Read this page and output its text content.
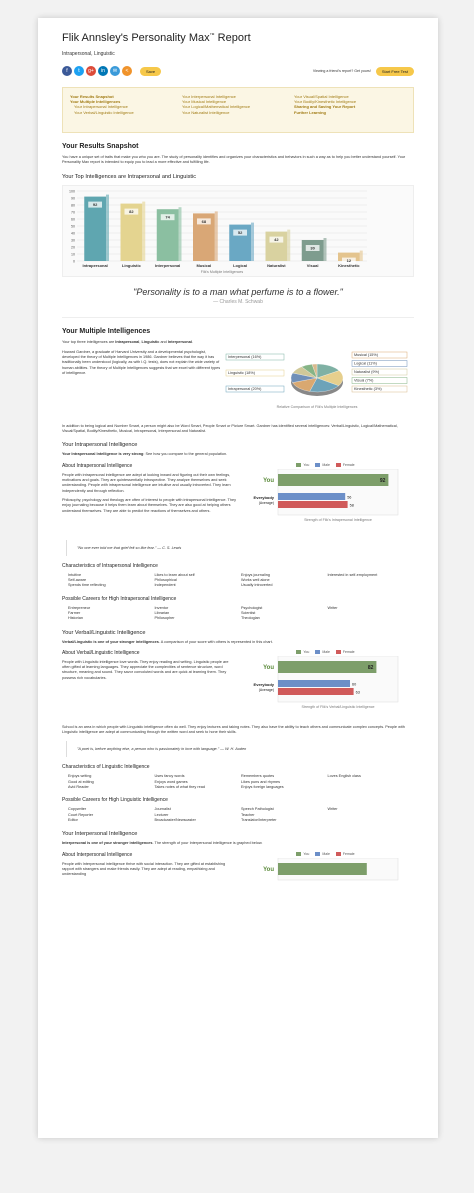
Flik Annsley's Personality Max™ Report
Intrapersonal, Linguistic
f	t	g+	in	✉	<	Save	Viewing a friend's report? Get yours!	Start Free Test
Your Results Snapshot
Your Multiple Intelligences
Your Intrapersonal Intelligence
Your Verbal/Linguistic Intelligence
Your Interpersonal Intelligence
Your Musical Intelligence
Your Logical/Mathematical Intelligence
Your Naturalist Intelligence
Your Visual/Spatial Intelligence
Your Bodily/Kinesthetic Intelligence
Sharing and Saving Your Report
Further Learning
Your Results Snapshot

You have a unique set of traits that make you who you are. The study of personality identifies and organizes your characteristics and behaviors in such a way as to help you better understand yourself. Your Personality Max report is intended to equip you to lead a more effective and fulfilling life.

Your Top Intelligences are Intrapersonal and Linguistic
0
10
20
30
40
50
60
70
80
90
100
92
Intrapersonal
82
Linguistic
74
Interpersonal
68
Musical
52
Logical
42
Naturalist
30
Visual
12
Kinesthetic
Flik's Multiple Intelligences
"Personality is to a man what perfume is to a flower."
— Charles M. Schwab
Your Multiple Intelligences

Your top three intelligences are Intrapersonal, Linguistic and Interpersonal.

Howard Gardner, a graduate of Harvard University and a developmental psychologist, developed the theory of Multiple Intelligences in 1986. Gardner believes that the way it has traditionally been understood (logically, as with I.Q. tests), does not explain the wide variety of human abilities. The theory of Multiple Intelligences suggests that we excel with different types of intelligence.

Interpersonal (16%)
Linguistic (18%)
Intrapersonal (20%)
Musical (15%)
Logical (11%)
Naturalist (9%)
Visual (7%)
Kinesthetic (3%)
Relative Comparison of Flik's Multiple Intelligences

In addition to being logical and Number Smart, a person might also be Word Smart, People Smart or Picture Smart. Gardner has identified several intelligences: Verbal/Linguistic, Logical/Mathematical, Visual/Spatial, Bodily/Kinesthetic, Musical, Intrapersonal, Interpersonal and Naturalist.

Your Intrapersonal Intelligence

Your Intrapersonal Intelligence is very strong: See how you compare to the general population.

About Intrapersonal Intelligence

People with intrapersonal intelligence are adept at looking inward and figuring out their own feelings, motivations and goals. They are quintessentially introspective. They analyze themselves and seek understanding. People with intrapersonal intelligence are intuitive and usually introverted. They learn independently and through reflection.

Philosophy, psychology and theology are often of interest to people with intrapersonal intelligence. They enjoy journaling because it helps them learn about themselves. They are also good at helping others understand themselves. They are able to predict the reactions of themselves and others.

You	Male	Female
You	92
Everybody
(Average)
56
58
Strength of Flik's Intrapersonal Intelligence
"No one ever told me that grief felt so like fear." — C. S. Lewis
Characteristics of Intrapersonal Intelligence
Intuitive	Likes to learn about self	Enjoys journaling	Interested in self-employment
Self-aware	Philosophical	Works well alone
Spends time reflecting	Independent	Usually introverted
Possible Careers for High Intrapersonal Intelligence
Entrepreneur	Inventor	Psychologist	Writer
Farmer	Librarian	Scientist
Historian	Philosopher	Theologian
Your Verbal/Linguistic Intelligence

Verbal/Linguistic is one of your stronger intelligences. A comparison of your score with others is represented in this chart.

About Verbal/Linguistic Intelligence

People with Linguistic intelligence love words. They enjoy reading and writing. Linguistic people are often gifted at learning languages. They appreciate the complexities of sentence structure, word structure, meaning and sound. They savor convoluted words and are quick at learning them. They possess rich vocabularies.

You	Male	Female
You	82
Everybody
(Average)
60
63
Strength of Flik's Verbal/Linguistic Intelligence

School is an area in which people with Linguistic intelligence often do well. They enjoy lectures and taking notes. They also have the ability to teach others and communicate complex concepts. People with Linguistic intelligence are adept at communicating through the written word and seek to hone their skills.

"A poet is, before anything else, a person who is passionately in love with language." — W. H. Auden
Characteristics of Linguistic Intelligence
Enjoys writing	Uses fancy words	Remembers quotes	Loves English class
Good at editing	Enjoys word games	Likes puns and rhymes
Avid Reader	Takes notes of what they read	Enjoys foreign languages
Possible Careers for High Linguistic Intelligence
Copywriter	Journalist	Speech Pathologist	Writer
Court Reporter	Lecturer	Teacher
Editor	Broadcaster/Newscaster	Translator/Interpreter
Your Interpersonal Intelligence

Interpersonal is one of your stronger intelligences. The strength of your Interpersonal intelligence is graphed below.

About Interpersonal Intelligence

People with Interpersonal intelligence thrive with social interaction. They are gifted at establishing rapport with strangers and make friends easily. They are adept at reading, empathizing and understanding

You	Male	Female
You
